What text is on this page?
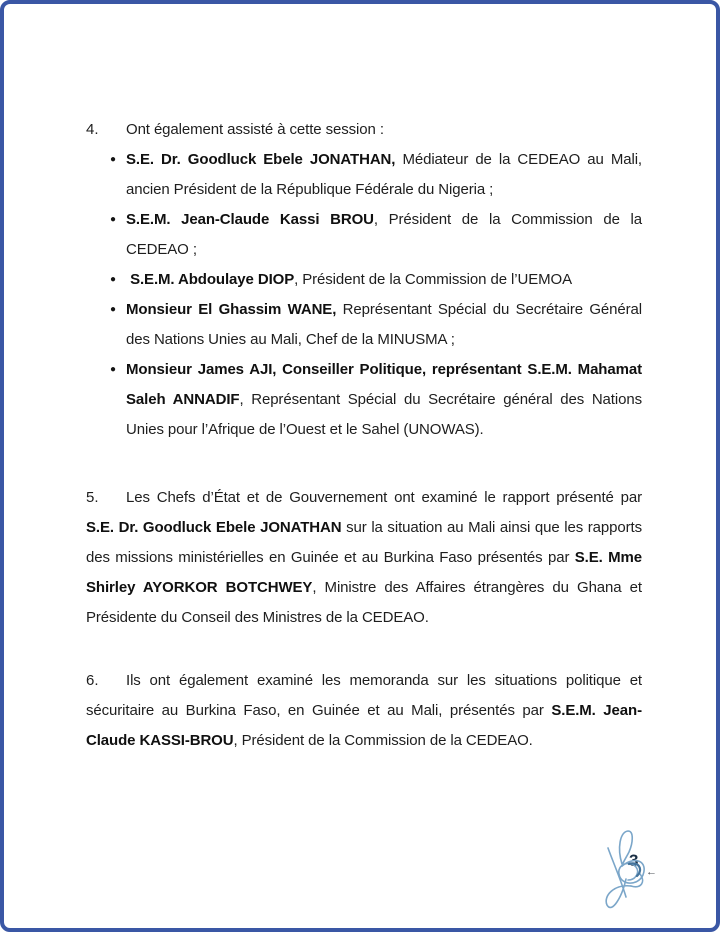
4. Ont également assisté à cette session :
● S.E. Dr. Goodluck Ebele JONATHAN, Médiateur de la CEDEAO au Mali, ancien Président de la République Fédérale du Nigeria ;
● S.E.M. Jean-Claude Kassi BROU, Président de la Commission de la CEDEAO ;
●  S.E.M. Abdoulaye DIOP, Président de la Commission de l’UEMOA
● Monsieur El Ghassim WANE, Représentant Spécial du Secrétaire Général des Nations Unies au Mali, Chef de la MINUSMA ;
● Monsieur James AJI, Conseiller Politique, représentant S.E.M. Mahamat Saleh ANNADIF, Représentant Spécial du Secrétaire général des Nations Unies pour l’Afrique de l’Ouest et le Sahel (UNOWAS).
5. Les Chefs d’État et de Gouvernement ont examiné le rapport présenté par S.E. Dr. Goodluck Ebele JONATHAN sur la situation au Mali ainsi que les rapports des missions ministérielles en Guinée et au Burkina Faso présentés par S.E. Mme Shirley AYORKOR BOTCHWEY, Ministre des Affaires étrangères du Ghana et Présidente du Conseil des Ministres de la CEDEAO.
6. Ils ont également examiné les memoranda sur les situations politique et sécuritaire au Burkina Faso, en Guinée et au Mali, présentés par S.E.M. Jean-Claude KASSI-BROU, Président de la Commission de la CEDEAO.
3
←
